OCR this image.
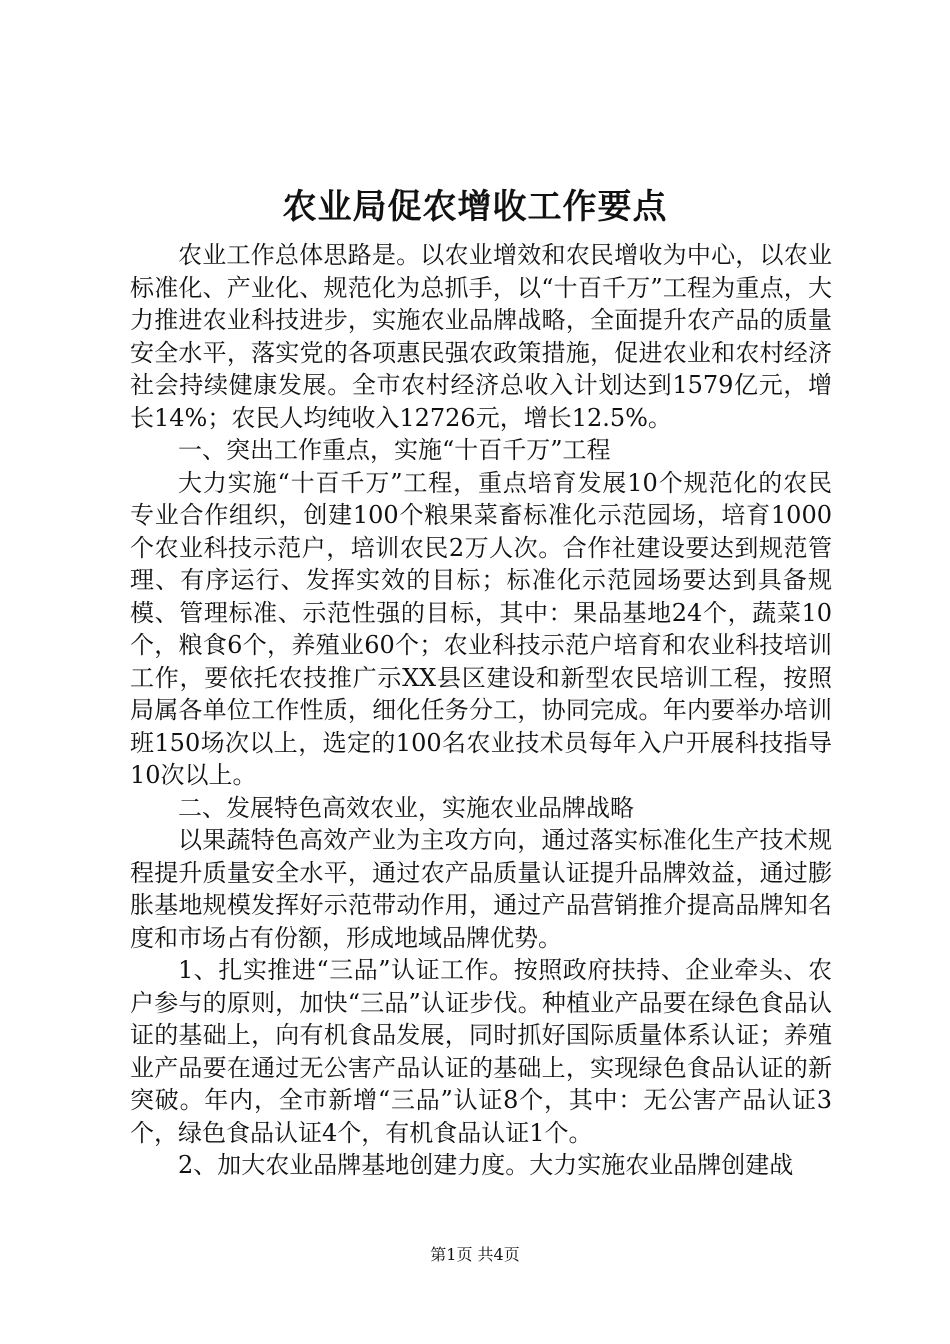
农业局促农增收工作要点

农业工作总体思路是。以农业增效和农民增收为中心，以农业标准化、产业化、规范化为总抓手，以“十百千万”工程为重点，大力推进农业科技进步，实施农业品牌战略，全面提升农产品的质量安全水平，落实党的各项惠民强农政策措施，促进农业和农村经济社会持续健康发展。全市农村经济总收入计划达到1579亿元，增长14%；农民人均纯收入12726元，增长12.5%。

一、突出工作重点，实施“十百千万”工程

大力实施“十百千万”工程，重点培育发展10个规范化的农民专业合作组织，创建100个粮果菜畜标准化示范园场，培育1000个农业科技示范户，培训农民2万人次。合作社建设要达到规范管理、有序运行、发挥实效的目标；标准化示范园场要达到具备规模、管理标准、示范性强的目标，其中：果品基地24个，蔬菜10个，粮食6个，养殖业60个；农业科技示范户培育和农业科技培训工作，要依托农技推广示XX县区建设和新型农民培训工程，按照局属各单位工作性质，细化任务分工，协同完成。年内要举办培训班150场次以上，选定的100名农业技术员每年入户开展科技指导10次以上。

二、发展特色高效农业，实施农业品牌战略

以果蔬特色高效产业为主攻方向，通过落实标准化生产技术规程提升质量安全水平，通过农产品质量认证提升品牌效益，通过膨胀基地规模发挥好示范带动作用，通过产品营销推介提高品牌知名度和市场占有份额，形成地域品牌优势。

1、扎实推进“三品”认证工作。按照政府扶持、企业牵头、农户参与的原则，加快“三品”认证步伐。种植业产品要在绿色食品认证的基础上，向有机食品发展，同时抓好国际质量体系认证；养殖业产品要在通过无公害产品认证的基础上，实现绿色食品认证的新突破。年内，全市新增“三品”认证8个，其中：无公害产品认证3个，绿色食品认证4个，有机食品认证1个。

2、加大农业品牌基地创建力度。大力实施农业品牌创建战

第1页 共4页
